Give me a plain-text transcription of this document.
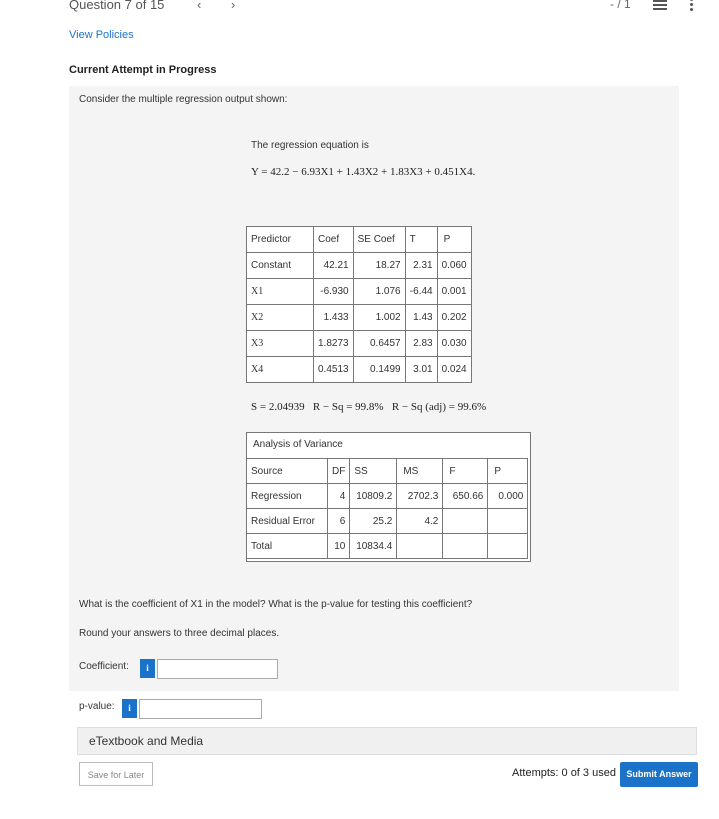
Question 7 of 15	‹ ›	- / 1
View Policies
Current Attempt in Progress
Consider the multiple regression output shown:
The regression equation is
Y = 42.2 − 6.93X1 + 1.43X2 + 1.83X3 + 0.451X4.
Predictor	Coef	SE Coef	T	P
Constant	42.21	18.27	2.31	0.060
X1	-6.930	1.076	-6.44	0.001
X2	1.433	1.002	1.43	0.202
X3	1.8273	0.6457	2.83	0.030
X4	0.4513	0.1499	3.01	0.024
S = 2.04939   R − Sq = 99.8%   R − Sq (adj) = 99.6%
Analysis of Variance
Source	DF	SS	MS	F	P
Regression	4	10809.2	2702.3	650.66	0.000
Residual Error	6	25.2	4.2		
Total	10	10834.4			
What is the coefficient of X1 in the model? What is the p-value for testing this coefficient?
Round your answers to three decimal places.
Coefficient:	i
p-value:	i
eTextbook and Media
Save for Later	Attempts: 0 of 3 used	Submit Answer
